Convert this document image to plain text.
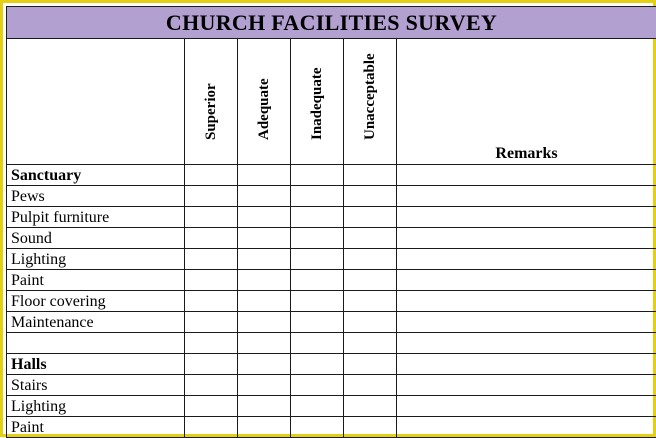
CHURCH FACILITIES SURVEY					

	Superior	Adequate	Inadequate	Unacceptable	Remarks
Sanctuary					
Pews					
Pulpit furniture					
Sound					
Lighting					
Paint					
Floor covering					
Maintenance					

Halls					
Stairs					
Lighting					
Paint					
